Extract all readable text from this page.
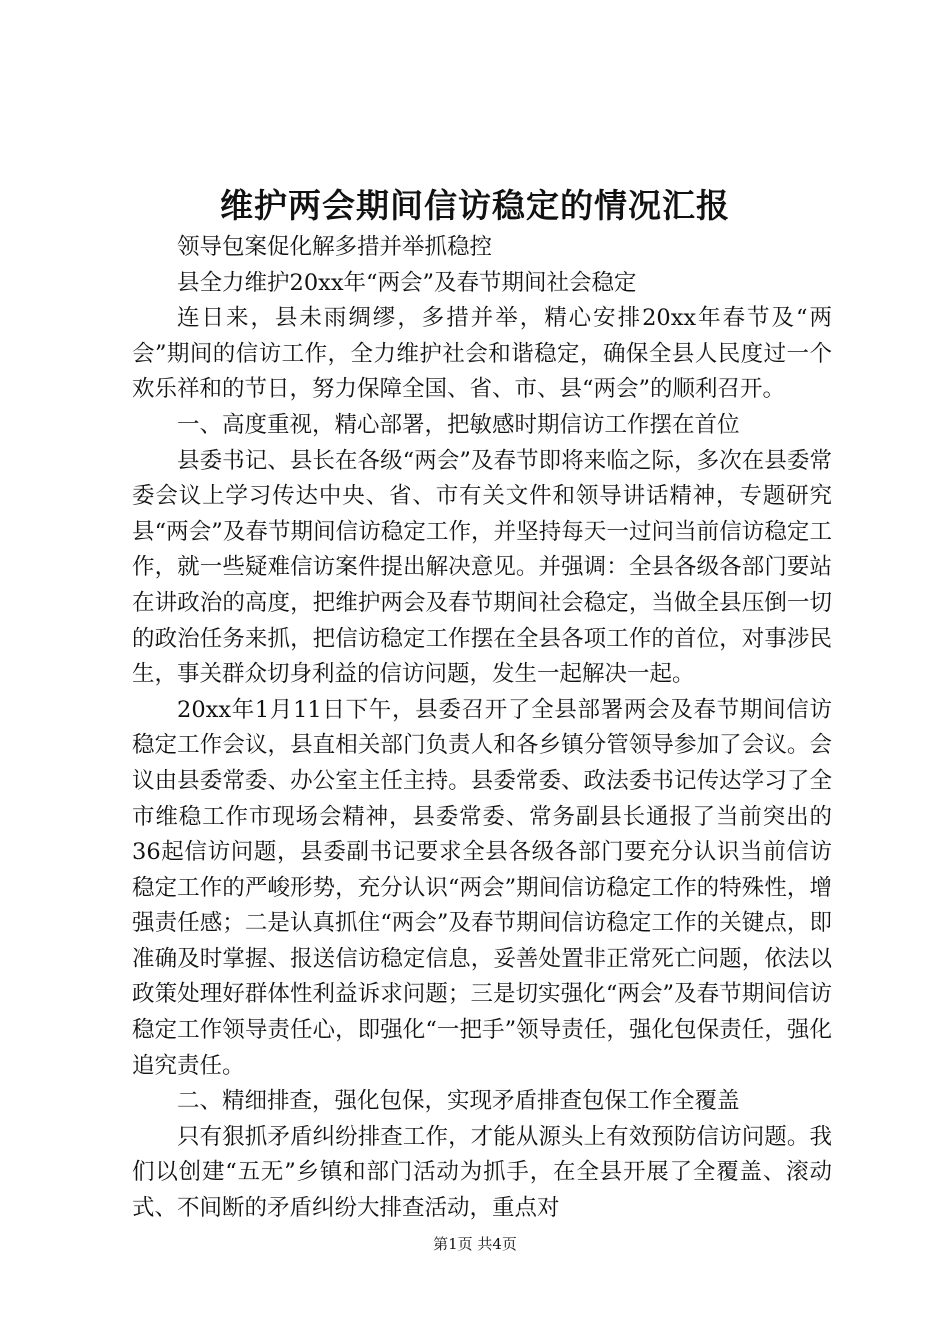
维护两会期间信访稳定的情况汇报

领导包案促化解多措并举抓稳控

县全力维护20xx年“两会”及春节期间社会稳定

连日来，县未雨绸缪，多措并举，精心安排20xx年春节及“两会”期间的信访工作，全力维护社会和谐稳定，确保全县人民度过一个欢乐祥和的节日，努力保障全国、省、市、县“两会”的顺利召开。

一、高度重视，精心部署，把敏感时期信访工作摆在首位

县委书记、县长在各级“两会”及春节即将来临之际，多次在县委常委会议上学习传达中央、省、市有关文件和领导讲话精神，专题研究县“两会”及春节期间信访稳定工作，并坚持每天一过问当前信访稳定工作，就一些疑难信访案件提出解决意见。并强调：全县各级各部门要站在讲政治的高度，把维护两会及春节期间社会稳定，当做全县压倒一切的政治任务来抓，把信访稳定工作摆在全县各项工作的首位，对事涉民生，事关群众切身利益的信访问题，发生一起解决一起。

20xx年1月11日下午，县委召开了全县部署两会及春节期间信访稳定工作会议，县直相关部门负责人和各乡镇分管领导参加了会议。会议由县委常委、办公室主任主持。县委常委、政法委书记传达学习了全市维稳工作市现场会精神，县委常委、常务副县长通报了当前突出的36起信访问题，县委副书记要求全县各级各部门要充分认识当前信访稳定工作的严峻形势，充分认识“两会”期间信访稳定工作的特殊性，增强责任感；二是认真抓住“两会”及春节期间信访稳定工作的关键点，即准确及时掌握、报送信访稳定信息，妥善处置非正常死亡问题，依法以政策处理好群体性利益诉求问题；三是切实强化“两会”及春节期间信访稳定工作领导责任心，即强化“一把手”领导责任，强化包保责任，强化追究责任。

二、精细排查，强化包保，实现矛盾排查包保工作全覆盖

只有狠抓矛盾纠纷排查工作，才能从源头上有效预防信访问题。我们以创建“五无”乡镇和部门活动为抓手，在全县开展了全覆盖、滚动式、不间断的矛盾纠纷大排查活动，重点对

第1页 共4页
